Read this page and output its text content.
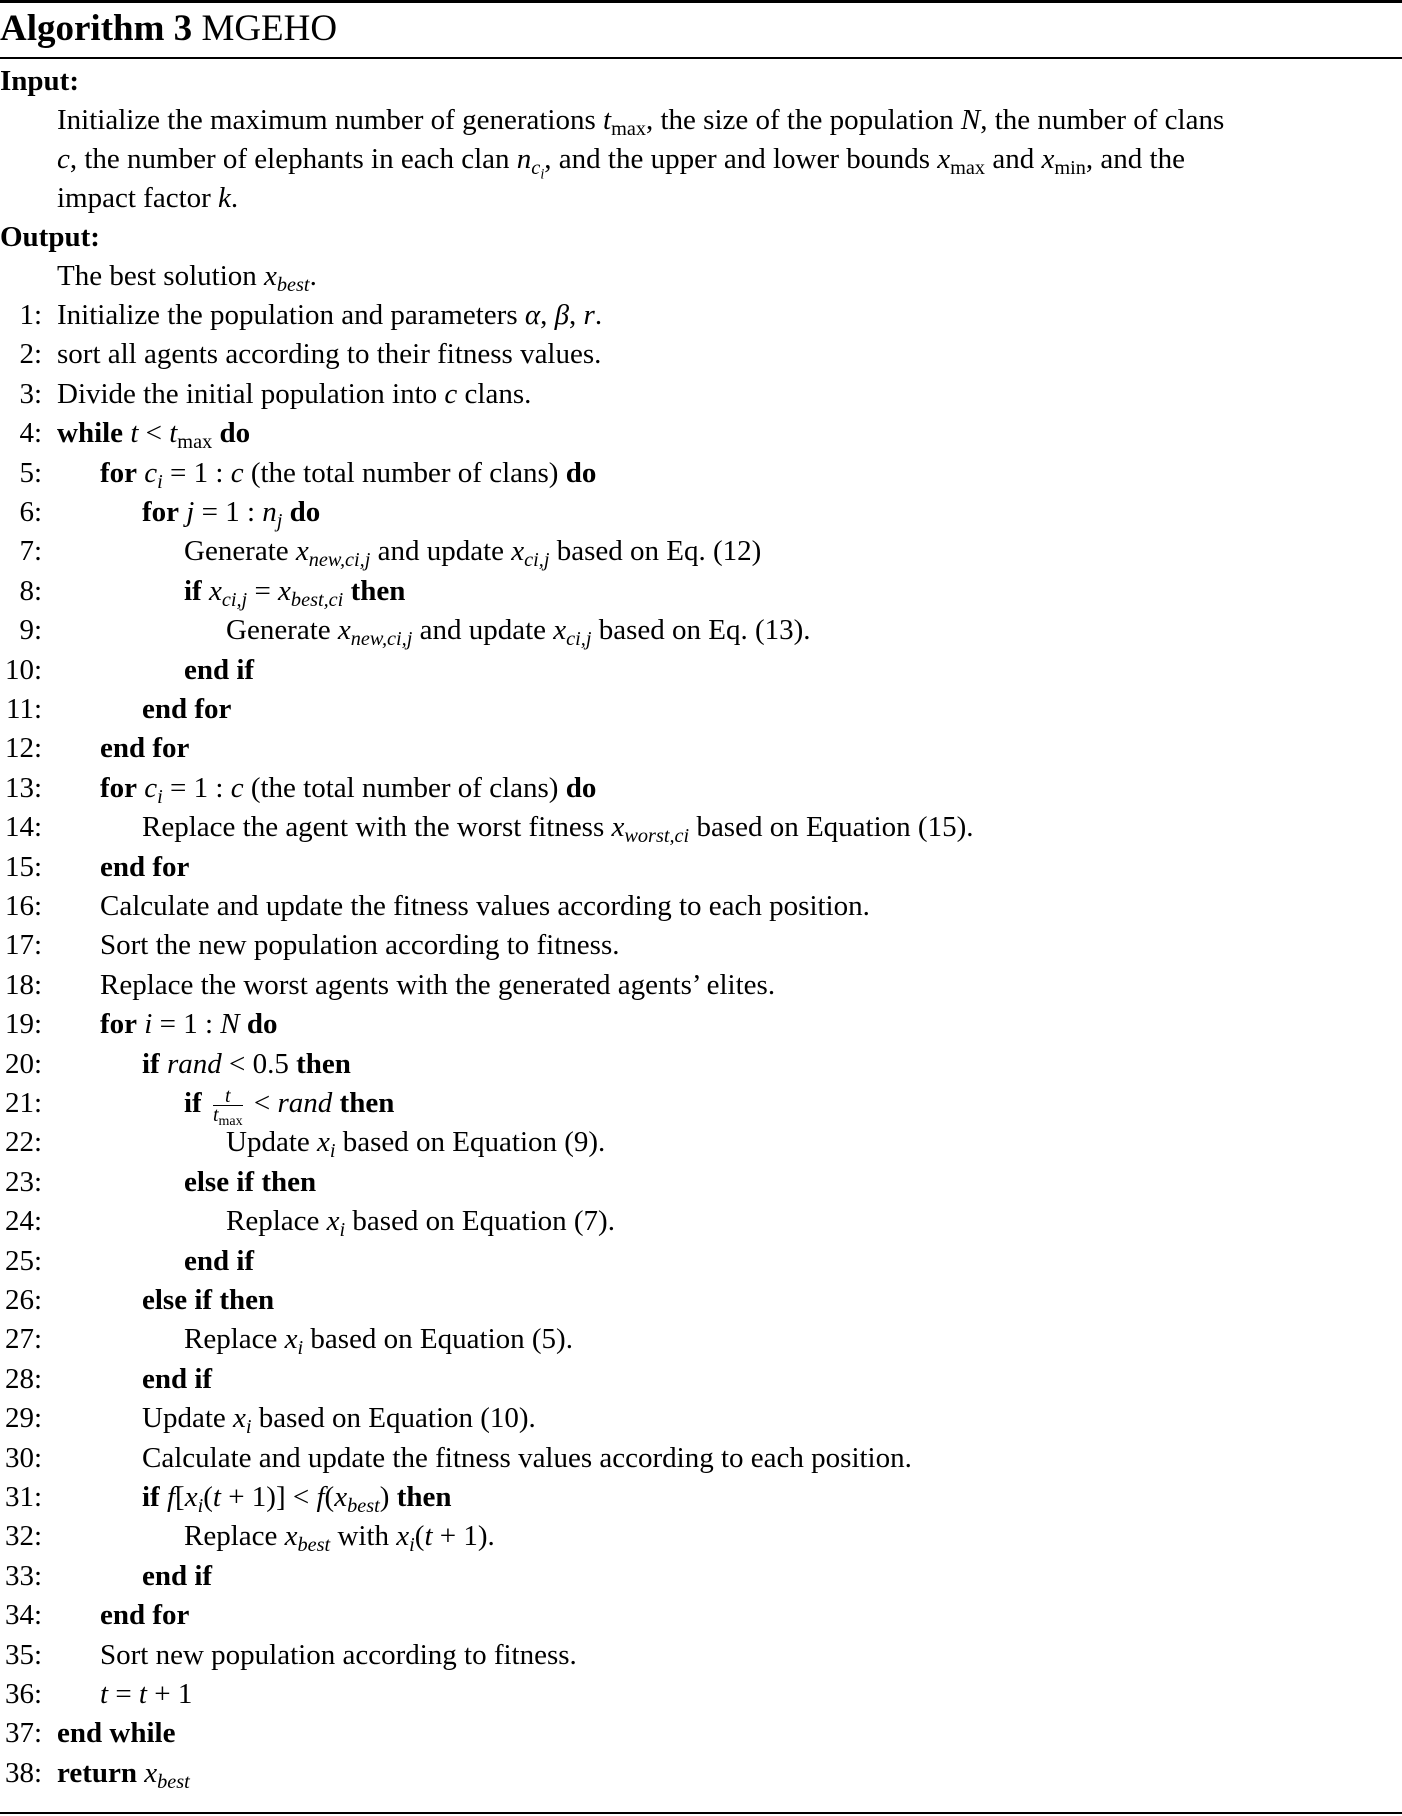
Algorithm 3 MGEHO
Input:
Initialize the maximum number of generations $t_{max}$, the size of the population N, the number of clans
c, the number of elephants in each clan $n_{c_i}$, and the upper and lower bounds $x_{max}$ and $x_{min}$, and the
impact factor k.
Output:
The best solution $x_{best}$.
1: Initialize the population and parameters α, β, r.
2: sort all agents according to their fitness values.
3: Divide the initial population into c clans.
4: while $t < t_{max}$ do
5: for $c_i = 1$ : c (the total number of clans) do
6:	for j = 1 : $n_j$ do
7:	Generate $x_{new,ci,j}$ and update $x_{ci,j}$ based on Eq. (12)
8:	if $x_{ci,j} = x_{best,ci}$ then
9:	Generate $x_{new,ci,j}$ and update $x_{ci,j}$ based on Eq. (13).
10:	end if
11:	end for
12: end for
13: for $c_i = 1$ : c (the total number of clans) do
14:	Replace the agent with the worst fitness $x_{worst,ci}$ based on Equation (15).
15: end for
16: Calculate and update the fitness values according to each position.
17: Sort the new population according to fitness.
18: Replace the worst agents with the generated agents’ elites.
19: for i = 1 : N do
20:	if rand < 0.5 then
21:	if $\frac{t}{t_{max}}$ < rand then
22:	Update $x_i$ based on Equation (9).
23:	else if then
24:	Replace $x_i$ based on Equation (7).
25:	end if
26:	else if then
27:	Replace $x_i$ based on Equation (5).
28:	end if
29:	Update $x_i$ based on Equation (10).
30:	Calculate and update the fitness values according to each position.
31:	if $f[x_i(t + 1)] < f(x_{best})$ then
32:	Replace $x_{best}$ with $x_i(t + 1)$.
33:	end if
34: end for
35: Sort new population according to fitness.
36: t = t + 1
37: end while
38: return $x_{best}$
